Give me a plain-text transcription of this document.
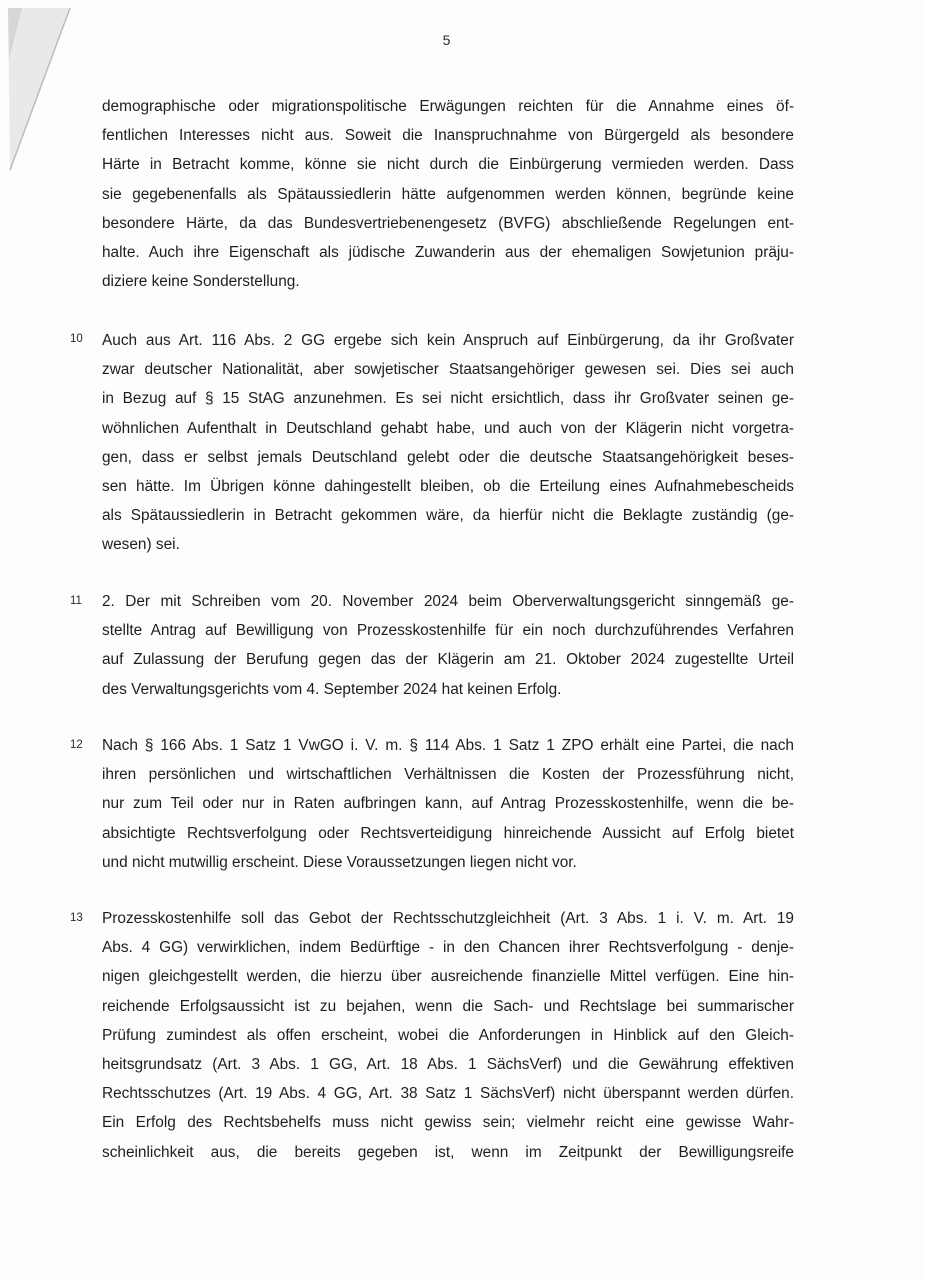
5
demographische oder migrationspolitische Erwägungen reichten für die Annahme eines öf-
fentlichen Interesses nicht aus. Soweit die Inanspruchnahme von Bürgergeld als besondere
Härte in Betracht komme, könne sie nicht durch die Einbürgerung vermieden werden. Dass
sie gegebenenfalls als Spätaussiedlerin hätte aufgenommen werden können, begründe keine
besondere Härte, da das Bundesvertriebenengesetz (BVFG) abschließende Regelungen ent-
halte. Auch ihre Eigenschaft als jüdische Zuwanderin aus der ehemaligen Sowjetunion präju-
diziere keine Sonderstellung.
10 Auch aus Art. 116 Abs. 2 GG ergebe sich kein Anspruch auf Einbürgerung, da ihr Großvater
zwar deutscher Nationalität, aber sowjetischer Staatsangehöriger gewesen sei. Dies sei auch
in Bezug auf § 15 StAG anzunehmen. Es sei nicht ersichtlich, dass ihr Großvater seinen ge-
wöhnlichen Aufenthalt in Deutschland gehabt habe, und auch von der Klägerin nicht vorgetra-
gen, dass er selbst jemals Deutschland gelebt oder die deutsche Staatsangehörigkeit beses-
sen hätte. Im Übrigen könne dahingestellt bleiben, ob die Erteilung eines Aufnahmebescheids
als Spätaussiedlerin in Betracht gekommen wäre, da hierfür nicht die Beklagte zuständig (ge-
wesen) sei.
11 2. Der mit Schreiben vom 20. November 2024 beim Oberverwaltungsgericht sinngemäß ge-
stellte Antrag auf Bewilligung von Prozesskostenhilfe für ein noch durchzuführendes Verfahren
auf Zulassung der Berufung gegen das der Klägerin am 21. Oktober 2024 zugestellte Urteil
des Verwaltungsgerichts vom 4. September 2024 hat keinen Erfolg.
12 Nach § 166 Abs. 1 Satz 1 VwGO i. V. m. § 114 Abs. 1 Satz 1 ZPO erhält eine Partei, die nach
ihren persönlichen und wirtschaftlichen Verhältnissen die Kosten der Prozessführung nicht,
nur zum Teil oder nur in Raten aufbringen kann, auf Antrag Prozesskostenhilfe, wenn die be-
absichtigte Rechtsverfolgung oder Rechtsverteidigung hinreichende Aussicht auf Erfolg bietet
und nicht mutwillig erscheint. Diese Voraussetzungen liegen nicht vor.
13 Prozesskostenhilfe soll das Gebot der Rechtsschutzgleichheit (Art. 3 Abs. 1 i. V. m. Art. 19
Abs. 4 GG) verwirklichen, indem Bedürftige - in den Chancen ihrer Rechtsverfolgung - denje-
nigen gleichgestellt werden, die hierzu über ausreichende finanzielle Mittel verfügen. Eine hin-
reichende Erfolgsaussicht ist zu bejahen, wenn die Sach- und Rechtslage bei summarischer
Prüfung zumindest als offen erscheint, wobei die Anforderungen in Hinblick auf den Gleich-
heitsgrundsatz (Art. 3 Abs. 1 GG, Art. 18 Abs. 1 SächsVerf) und die Gewährung effektiven
Rechtsschutzes (Art. 19 Abs. 4 GG, Art. 38 Satz 1 SächsVerf) nicht überspannt werden dürfen.
Ein Erfolg des Rechtsbehelfs muss nicht gewiss sein; vielmehr reicht eine gewisse Wahr-
scheinlichkeit aus, die bereits gegeben ist, wenn im Zeitpunkt der Bewilligungsreife
